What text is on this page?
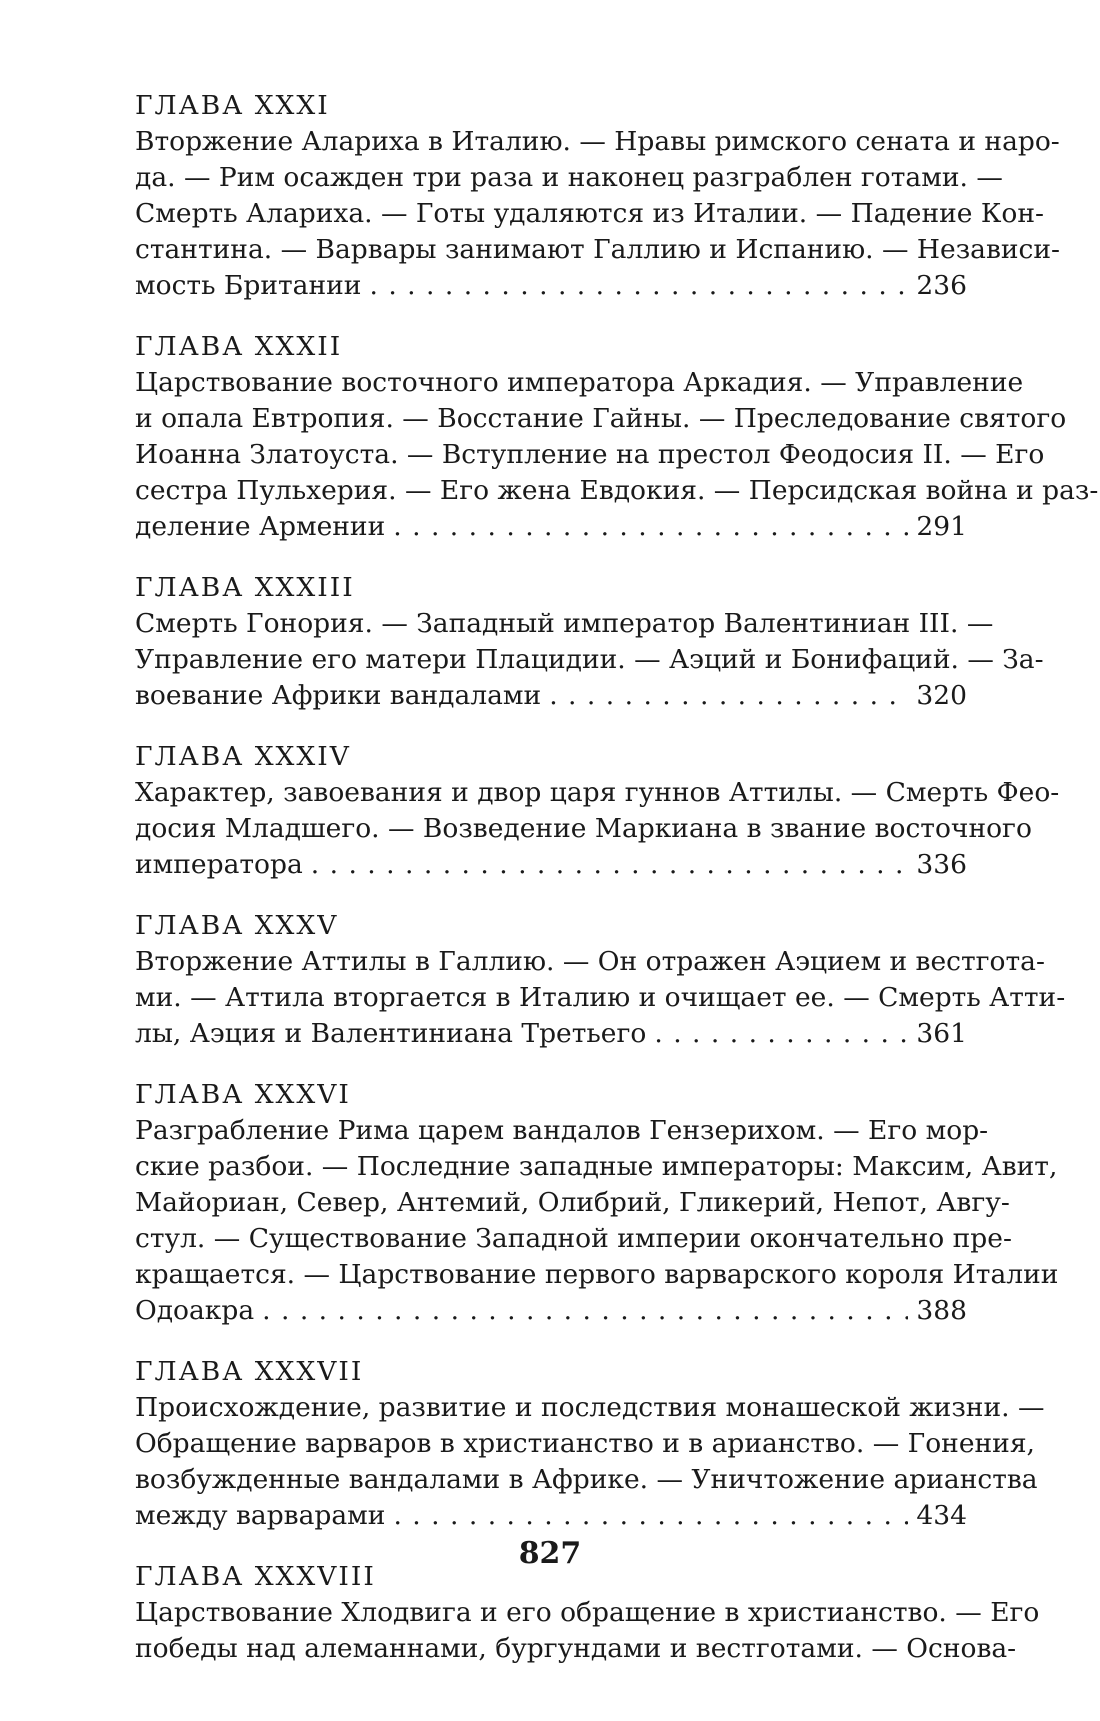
ГЛАВА XXXI
Вторжение Алариха в Италию. — Нравы римского сената и наро-
да. — Рим осажден три раза и наконец разграблен готами. —
Смерть Алариха. — Готы удаляются из Италии. — Падение Кон-
стантина. — Варвары занимают Галлию и Испанию. — Независи-
мость Британии . . .	236
ГЛАВА XXXII
Царствование восточного императора Аркадия. — Управление
и опала Евтропия. — Восстание Гайны. — Преследование святого
Иоанна Златоуста. — Вступление на престол Феодосия II. — Его
сестра Пульхерия. — Его жена Евдокия. — Персидская война и раз-
деление Армении . . .	291
ГЛАВА XXXIII
Смерть Гонория. — Западный император Валентиниан III. —
Управление его матери Плацидии. — Аэций и Бонифаций. — За-
воевание Африки вандалами . . .	320
ГЛАВА XXXIV
Характер, завоевания и двор царя гуннов Аттилы. — Смерть Фео-
досия Младшего. — Возведение Маркиана в звание восточного
императора . . .	336
ГЛАВА XXXV
Вторжение Аттилы в Галлию. — Он отражен Аэцием и вестгота-
ми. — Аттила вторгается в Италию и очищает ее. — Смерть Атти-
лы, Аэция и Валентиниана Третьего . . .	361
ГЛАВА XXXVI
Разграбление Рима царем вандалов Гензерихом. — Его мор-
ские разбои. — Последние западные императоры: Максим, Авит,
Майориан, Север, Антемий, Олибрий, Гликерий, Непот, Авгу-
стул. — Существование Западной империи окончательно пре-
кращается. — Царствование первого варварского короля Италии
Одоакра . . .	388
ГЛАВА XXXVII
Происхождение, развитие и последствия монашеской жизни. —
Обращение варваров в христианство и в арианство. — Гонения,
возбужденные вандалами в Африке. — Уничтожение арианства
между варварами . . .	434
ГЛАВА XXXVIII
Царствование Хлодвига и его обращение в христианство. — Его
победы над алеманнами, бургундами и вестготами. — Основа-
827
